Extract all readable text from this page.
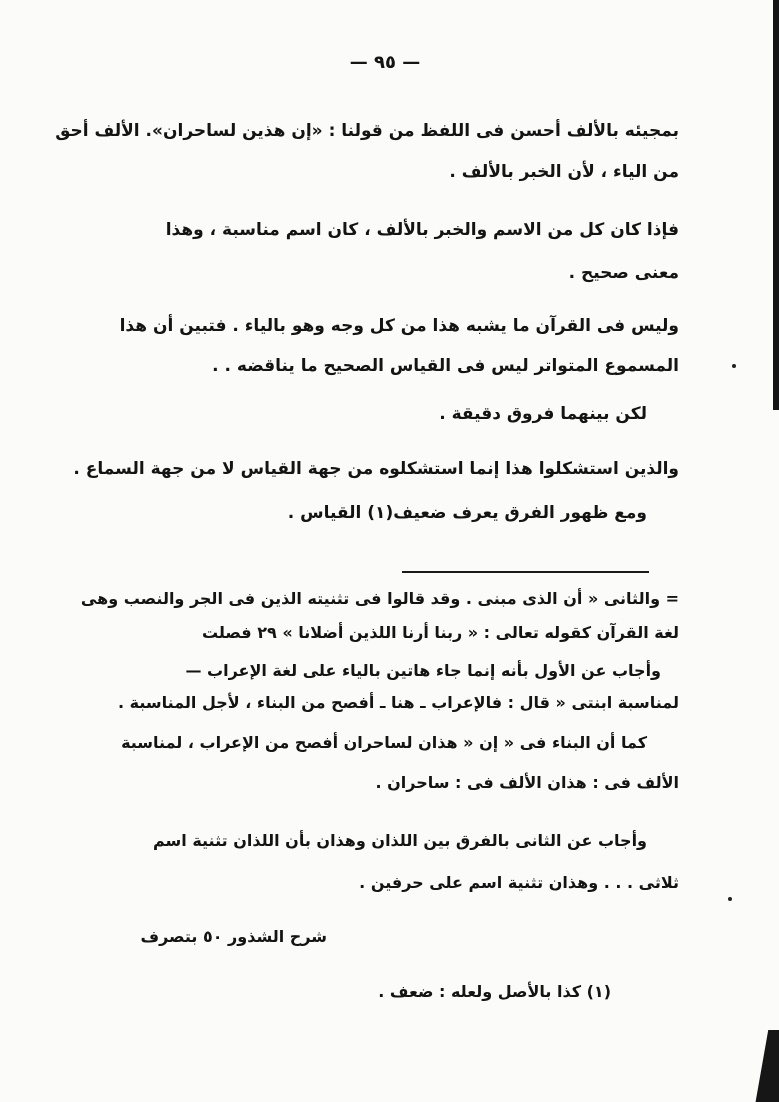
— ٩٥ —
بمجيئه بالألف أحسن فى اللفظ من قولنا : «إن هذين لساحران». الألف أحق
من الياء ، لأن الخبر بالألف .
فإذا كان كل من الاسم والخبر بالألف ، كان اسم مناسبة ، وهذا
معنى صحيح .
وليس فى القرآن ما يشبه هذا من كل وجه وهو بالياء . فتبين أن هذا
المسموع المتواتر ليس فى القياس الصحيح ما يناقضه . .
لكن بينهما فروق دقيقة .
والذين استشكلوا هذا إنما استشكلوه من جهة القياس لا من جهة السماع .
ومع ظهور الفرق يعرف ضعيف(١) القياس .
= والثانى « أن الذى مبنى . وقد قالوا فى تثنيته الذين فى الجر والنصب وهى
لغة القرآن كقوله تعالى : « ربنا أرنا اللذين أضلانا » ٢٩ فصلت
وأجاب عن الأول بأنه إنما جاء هاتين بالياء على لغة الإعراب —
لمناسبة ابنتى « قال : فالإعراب ـ هنا ـ أفصح من البناء ، لأجل المناسبة .
كما أن البناء فى « إن « هذان لساحران أفصح من الإعراب ، لمناسبة
الألف فى : هذان الألف فى : ساحران .
وأجاب عن الثانى بالفرق بين اللذان وهذان بأن اللذان تثنية اسم
ثلاثى . . . وهذان تثنية اسم على حرفين .
شرح الشذور ٥٠ بتصرف
(١) كذا بالأصل ولعله : ضعف .
